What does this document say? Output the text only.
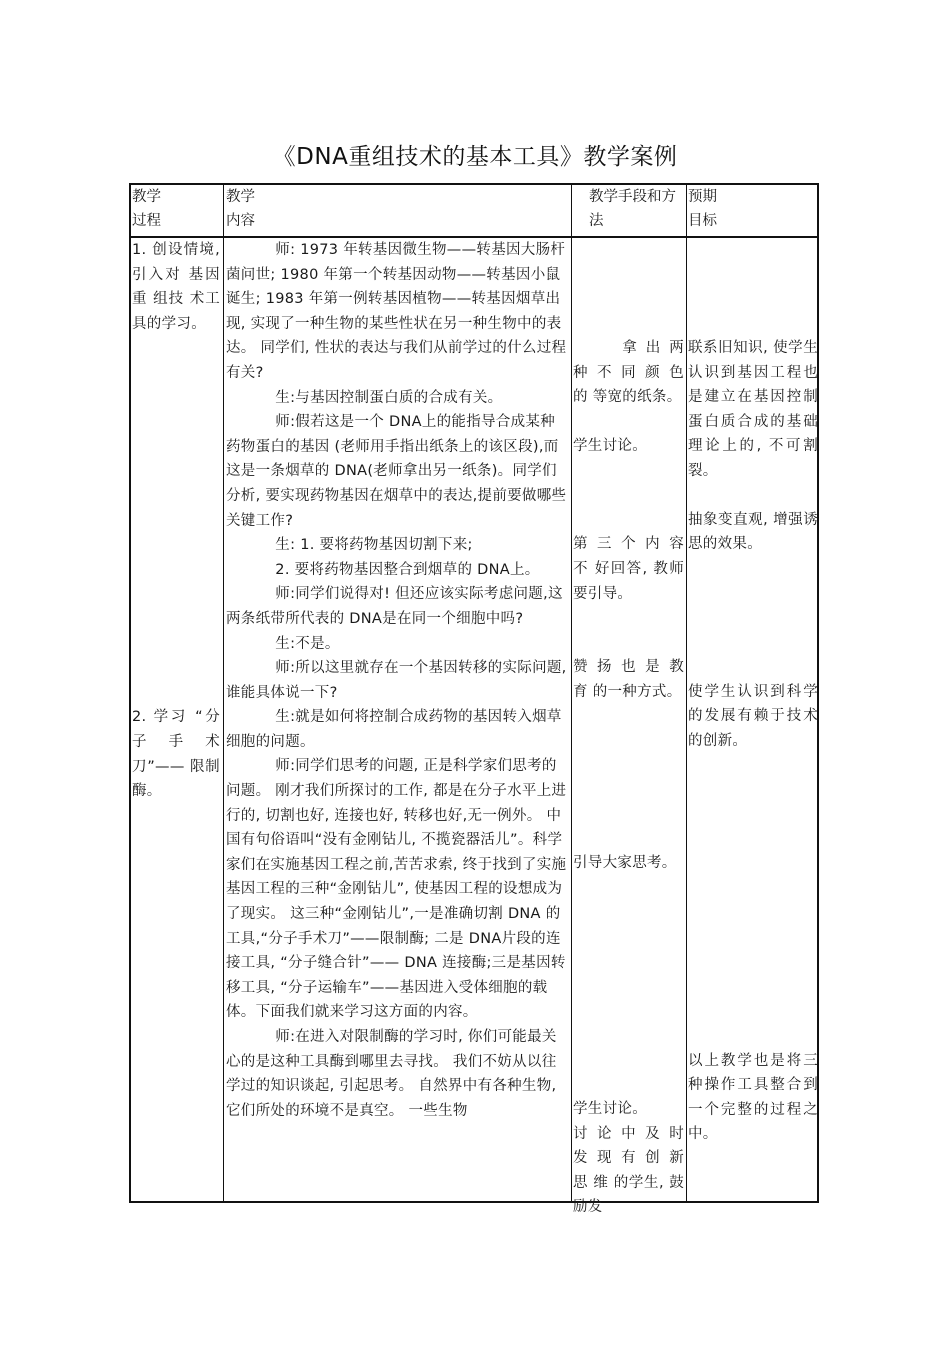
《DNA重组技术的基本工具》教学案例
教学
过程
教学
内容
教学手段和方法
预期
目标

1. 创设情境,引入对 基因重 组技 术工具的学习。

2. 学习 “分子 手 术刀”—— 限制酶。

师: 1973 年转基因微生物——转基因大肠杆菌问世; 1980 年第一个转基因动物——转基因小鼠诞生; 1983 年第一例转基因植物——转基因烟草出现, 实现了一种生物的某些性状在另一种生物中的表达。 同学们, 性状的表达与我们从前学过的什么过程有关?

生:与基因控制蛋白质的合成有关。

师:假若这是一个 DNA上的能指导合成某种药物蛋白的基因 (老师用手指出纸条上的该区段),而这是一条烟草的 DNA(老师拿出另一纸条)。同学们分析, 要实现药物基因在烟草中的表达,提前要做哪些关键工作?

生: 1. 要将药物基因切割下来;

2. 要将药物基因整合到烟草的 DNA上。

师:同学们说得对! 但还应该实际考虑问题,这两条纸带所代表的 DNA是在同一个细胞中吗?

生:不是。

师:所以这里就存在一个基因转移的实际问题, 谁能具体说一下?

生:就是如何将控制合成药物的基因转入烟草细胞的问题。

师:同学们思考的问题, 正是科学家们思考的问题。 刚才我们所探讨的工作, 都是在分子水平上进行的, 切割也好, 连接也好, 转移也好,无一例外。 中国有句俗语叫“没有金刚钻儿, 不揽瓷器活儿”。科学家们在实施基因工程之前,苦苦求索, 终于找到了实施基因工程的三种“金刚钻儿”, 使基因工程的设想成为了现实。 这三种“金刚钻儿”,一是准确切割 DNA 的工具,“分子手术刀”——限制酶; 二是 DNA片段的连接工具, “分子缝合针”—— DNA 连接酶;三是基因转移工具, “分子运输车”——基因进入受体细胞的载体。下面我们就来学习这方面的内容。

师:在进入对限制酶的学习时, 你们可能最关心的是这种工具酶到哪里去寻找。 我们不妨从以往学过的知识谈起, 引起思考。 自然界中有各种生物, 它们所处的环境不是真空。 一些生物

拿 出 两 种 不 同 颜 色 的 等宽的纸条。

学生讨论。

第 三 个 内 容 不 好回答, 教师要引导。

赞 扬 也 是 教 育 的一种方式。

引导大家思考。

学生讨论。

讨 论 中 及 时 发 现 有 创 新 思 维 的学生, 鼓励发

联系旧知识, 使学生认识到基因工程也是建立在基因控制蛋白质合成的基础理论上的, 不可割裂。

抽象变直观, 增强诱思的效果。

使学生认识到科学的发展有赖于技术的创新。

以上教学也是将三种操作工具整合到一个完整的过程之中。
